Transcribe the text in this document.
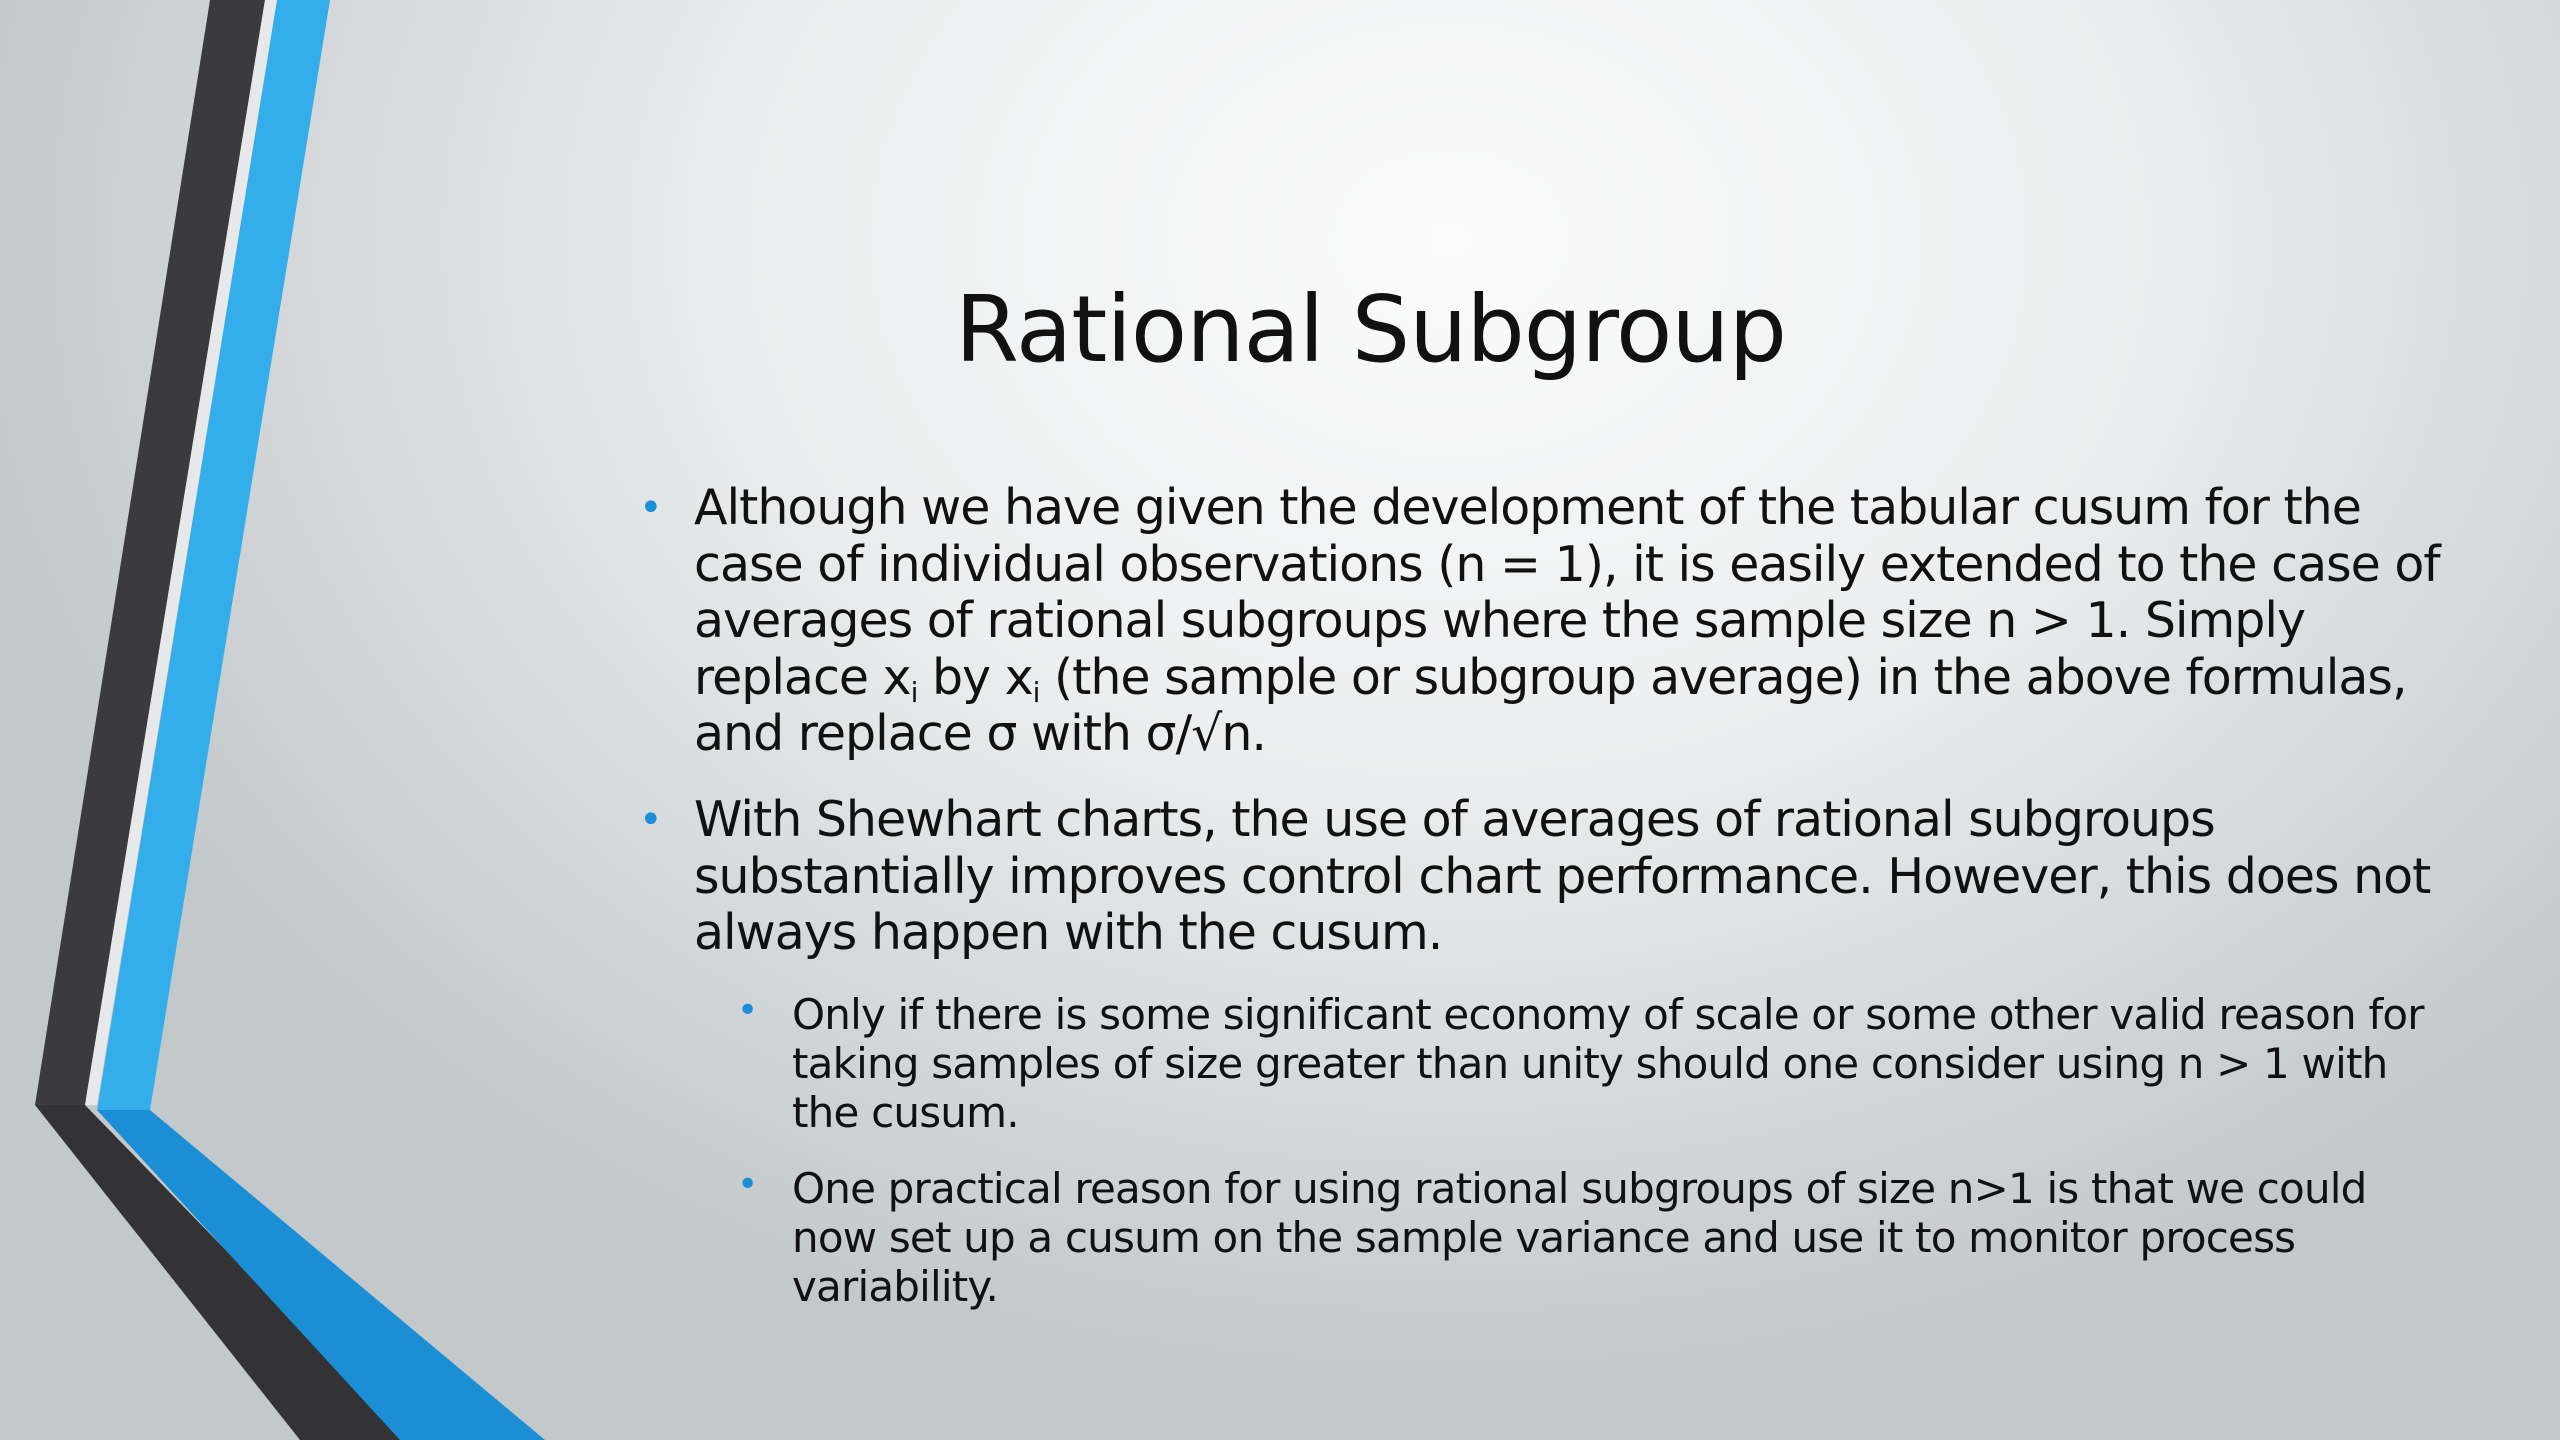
Rational Subgroup
• Although we have given the development of the tabular cusum for the case of individual observations (n = 1), it is easily extended to the case of averages of rational subgroups where the sample size n > 1. Simply replace $x_i$ by $x_i$ (the sample or subgroup average) in the above formulas, and replace σ with σ/√n.
• With Shewhart charts, the use of averages of rational subgroups substantially improves control chart performance. However, this does not always happen with the cusum.
• Only if there is some significant economy of scale or some other valid reason for taking samples of size greater than unity should one consider using n > 1 with the cusum.
• One practical reason for using rational subgroups of size n>1 is that we could now set up a cusum on the sample variance and use it to monitor process variability.
